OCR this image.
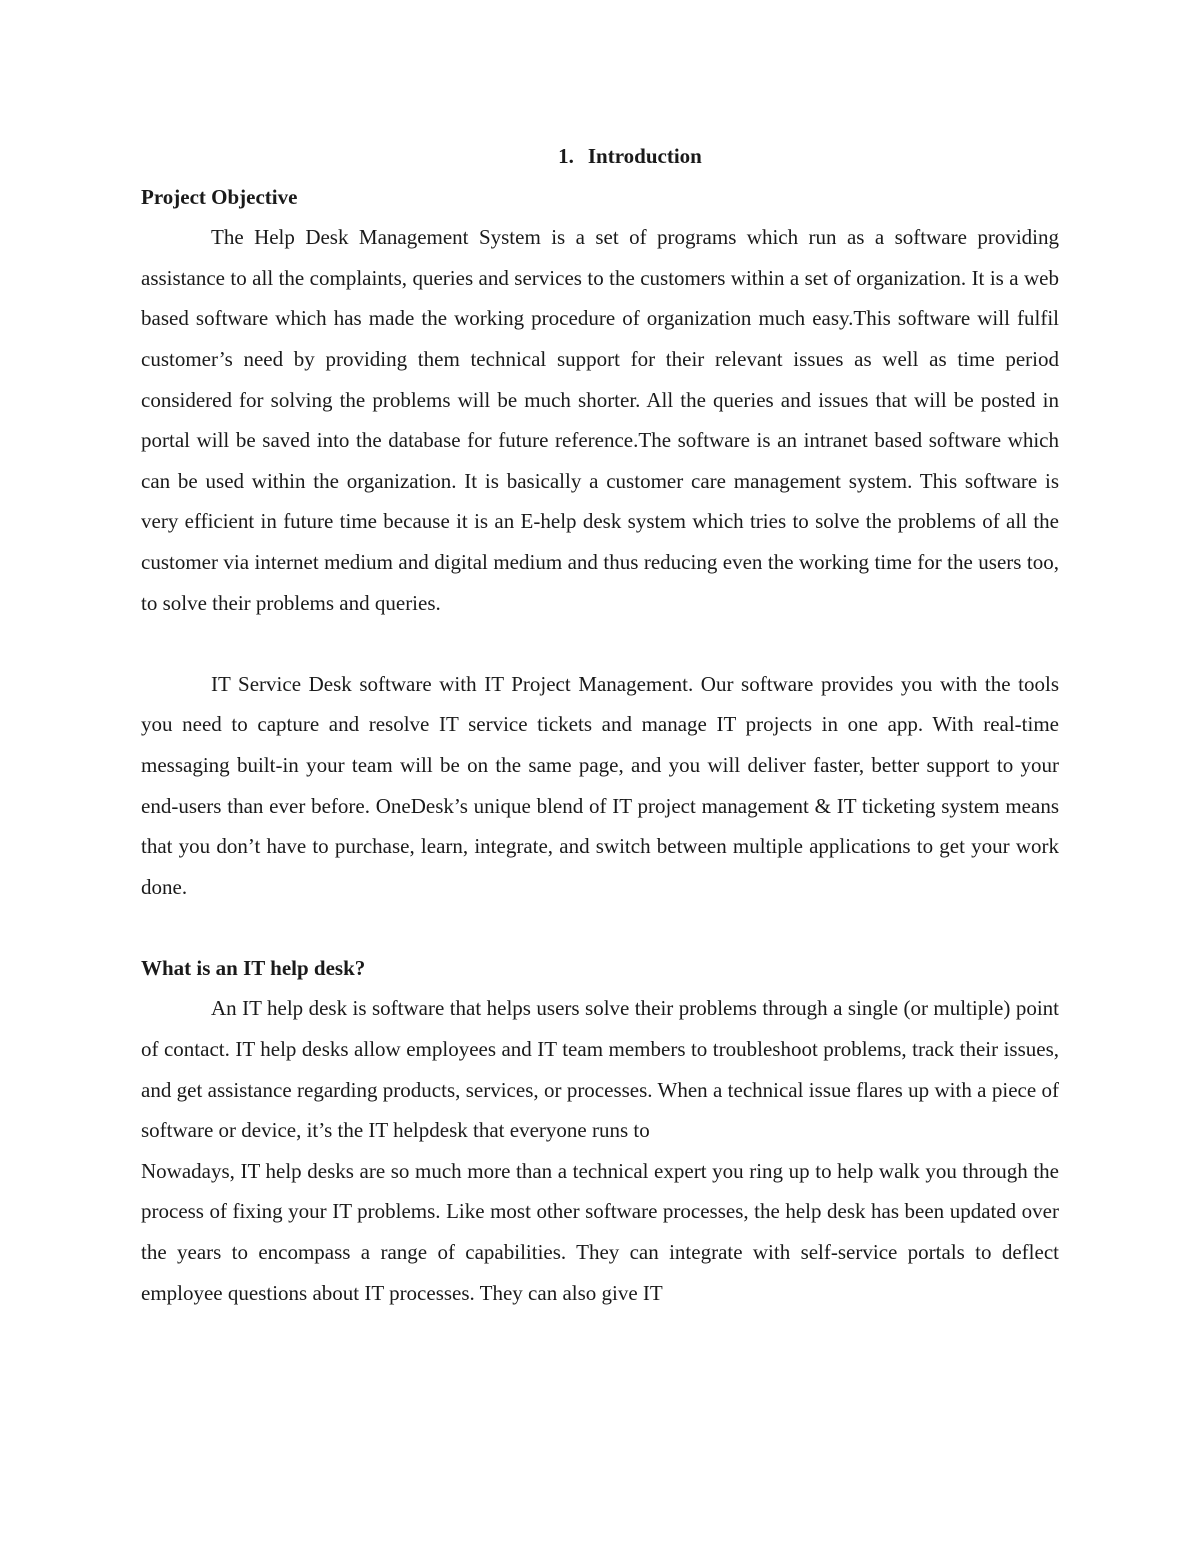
1. Introduction

Project Objective

The Help Desk Management System is a set of programs which run as a software providing assistance to all the complaints, queries and services to the customers within a set of organization. It is a web based software which has made the working procedure of organization much easy.This software will fulfil customer’s need by providing them technical support for their relevant issues as well as time period considered for solving the problems will be much shorter. All the queries and issues that will be posted in portal will be saved into the database for future reference.The software is an intranet based software which can be used within the organization. It is basically a customer care management system. This software is very efficient in future time because it is an E-help desk system which tries to solve the problems of all the customer via internet medium and digital medium and thus reducing even the working time for the users too, to solve their problems and queries.

IT Service Desk software with IT Project Management. Our software provides you with the tools you need to capture and resolve IT service tickets and manage IT projects in one app. With real-time messaging built-in your team will be on the same page, and you will deliver faster, better support to your end-users than ever before. OneDesk’s unique blend of IT project management & IT ticketing system means that you don’t have to purchase, learn, integrate, and switch between multiple applications to get your work done.

What is an IT help desk?

An IT help desk is software that helps users solve their problems through a single (or multiple) point of contact. IT help desks allow employees and IT team members to troubleshoot problems, track their issues, and get assistance regarding products, services, or processes. When a technical issue flares up with a piece of software or device, it’s the IT helpdesk that everyone runs to

Nowadays, IT help desks are so much more than a technical expert you ring up to help walk you through the process of fixing your IT problems. Like most other software processes, the help desk has been updated over the years to encompass a range of capabilities. They can integrate with self-service portals to deflect employee questions about IT processes. They can also give IT
